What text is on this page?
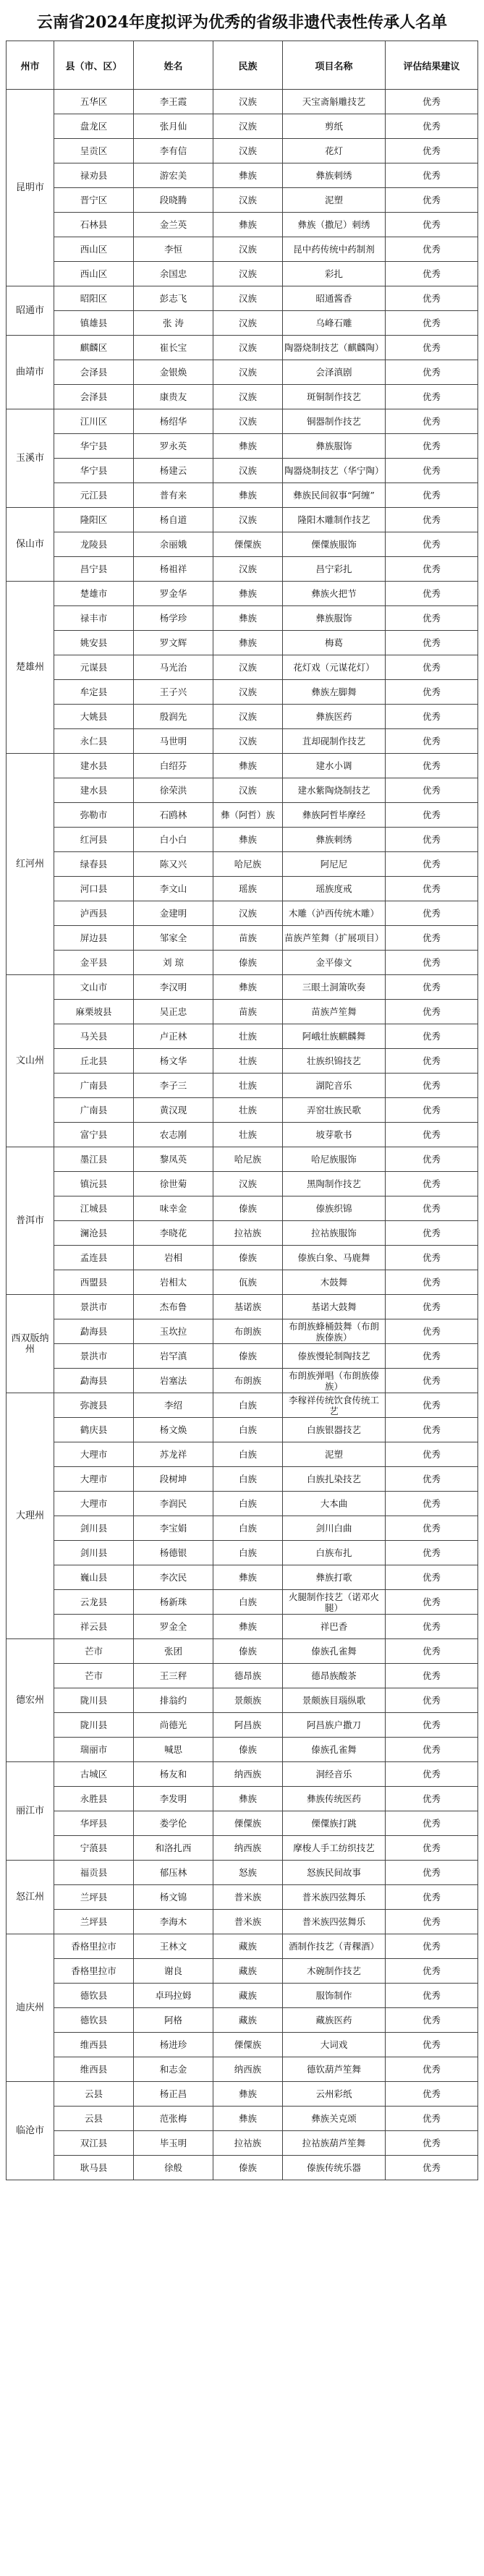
云南省2024年度拟评为优秀的省级非遗代表性传承人名单
州市	县（市、区）	姓名	民族	项目名称	评估结果建议
昆明市	五华区	李王霞	汉族	天宝斋斛雕技艺	优秀
	盘龙区	张月仙	汉族	剪纸	优秀
	呈贡区	李有信	汉族	花灯	优秀
	禄劝县	游宏美	彝族	彝族刺绣	优秀
	晋宁区	段晓腾	汉族	泥塑	优秀
	石林县	金兰英	彝族	彝族（撒尼）刺绣	优秀
	西山区	李恒	汉族	昆中药传统中药制剂	优秀
	西山区	余国忠	汉族	彩扎	优秀
昭通市	昭阳区	彭志飞	汉族	昭通酱香	优秀
	镇雄县	张 涛	汉族	乌峰石雕	优秀
曲靖市	麒麟区	崔长宝	汉族	陶器烧制技艺（麒麟陶）	优秀
	会泽县	金银焕	汉族	会泽滇剧	优秀
	会泽县	康贵友	汉族	斑铜制作技艺	优秀
玉溪市	江川区	杨绍华	汉族	铜器制作技艺	优秀
	华宁县	罗永英	彝族	彝族服饰	优秀
	华宁县	杨建云	汉族	陶器烧制技艺（华宁陶）	优秀
	元江县	普有来	彝族	彝族民间叙事“阿缠”	优秀
保山市	隆阳区	杨自道	汉族	隆阳木雕制作技艺	优秀
	龙陵县	余丽娥	傈僳族	傈僳族服饰	优秀
	昌宁县	杨祖祥	汉族	昌宁彩扎	优秀
楚雄州	楚雄市	罗金华	彝族	彝族火把节	优秀
	禄丰市	杨学珍	彝族	彝族服饰	优秀
	姚安县	罗文辉	彝族	梅葛	优秀
	元谋县	马光治	汉族	花灯戏（元谋花灯）	优秀
	牟定县	王子兴	汉族	彝族左脚舞	优秀
	大姚县	殷润先	汉族	彝族医药	优秀
	永仁县	马世明	汉族	苴却砚制作技艺	优秀
红河州	建水县	白绍芬	彝族	建水小调	优秀
	建水县	徐荣洪	汉族	建水紫陶烧制技艺	优秀
	弥勒市	石鸥林	彝（阿哲）族	彝族阿哲毕摩经	优秀
	红河县	白小白	彝族	彝族刺绣	优秀
	绿春县	陈又兴	哈尼族	阿尼尼	优秀
	河口县	李文山	瑶族	瑶族度戒	优秀
	泸西县	金建明	汉族	木雕（泸西传统木雕）	优秀
	屏边县	邹家全	苗族	苗族芦笙舞（扩展项目）	优秀
	金平县	刘 琼	傣族	金平傣文	优秀
文山州	文山市	李汉明	彝族	三眼土洞箫吹奏	优秀
	麻栗坡县	吴正忠	苗族	苗族芦笙舞	优秀
	马关县	卢正林	壮族	阿峨壮族麒麟舞	优秀
	丘北县	杨文华	壮族	壮族织锦技艺	优秀
	广南县	李子三	壮族	湖陀音乐	优秀
	广南县	黄汉现	壮族	弄窑壮族民歌	优秀
	富宁县	农志刚	壮族	坡芽歌书	优秀
普洱市	墨江县	黎凤英	哈尼族	哈尼族服饰	优秀
	镇沅县	徐世菊	汉族	黑陶制作技艺	优秀
	江城县	味幸金	傣族	傣族织锦	优秀
	澜沧县	李晓花	拉祜族	拉祜族服饰	优秀
	孟连县	岩相	傣族	傣族白象、马鹿舞	优秀
	西盟县	岩相太	佤族	木鼓舞	优秀
西双版纳州	景洪市	杰布鲁	基诺族	基诺大鼓舞	优秀
	勐海县	玉坎拉	布朗族	布朗族蜂桶鼓舞（布朗族傣族）	优秀
	景洪市	岩罕滇	傣族	傣族慢轮制陶技艺	优秀
	勐海县	岩塞法	布朗族	布朗族弹唱（布朗族傣族）	优秀
大理州	弥渡县	李绍	白族	李稼祥传统饮食传统工艺	优秀
	鹤庆县	杨文焕	白族	白族银器技艺	优秀
	大理市	苏龙祥	白族	泥塑	优秀
	大理市	段树坤	白族	白族扎染技艺	优秀
	大理市	李润民	白族	大本曲	优秀
	剑川县	李宝娟	白族	剑川白曲	优秀
	剑川县	杨德银	白族	白族布扎	优秀
	巍山县	李次民	彝族	彝族打歌	优秀
	云龙县	杨新珠	白族	火腿制作技艺（诺邓火腿）	优秀
	祥云县	罗金全	彝族	祥巴香	优秀
德宏州	芒市	张团	傣族	傣族孔雀舞	优秀
	芒市	王三秤	德昂族	德昂族酸茶	优秀
	陇川县	排翁约	景颇族	景颇族目瑙纵歌	优秀
	陇川县	尚德光	阿昌族	阿昌族户撒刀	优秀
	瑞丽市	喊思	傣族	傣族孔雀舞	优秀
丽江市	古城区	杨友和	纳西族	洞经音乐	优秀
	永胜县	李发明	彝族	彝族传统医药	优秀
	华坪县	娄学伦	傈僳族	傈僳族打跳	优秀
	宁蒗县	和洛扎西	纳西族	摩梭人手工纺织技艺	优秀
怒江州	福贡县	郁压林	怒族	怒族民间故事	优秀
	兰坪县	杨文锦	普米族	普米族四弦舞乐	优秀
	兰坪县	李海木	普米族	普米族四弦舞乐	优秀
迪庆州	香格里拉市	王林文	藏族	酒制作技艺（青稞酒）	优秀
	香格里拉市	谢良	藏族	木碗制作技艺	优秀
	德钦县	卓玛拉姆	藏族	服饰制作	优秀
	德钦县	阿格	藏族	藏族医药	优秀
	维西县	杨进珍	傈僳族	大词戏	优秀
	维西县	和志金	纳西族	德钦葫芦笙舞	优秀
临沧市	云县	杨正昌	彝族	云州彩纸	优秀
	云县	范张梅	彝族	彝族关克颂	优秀
	双江县	毕玉明	拉祜族	拉祜族葫芦笙舞	优秀
	耿马县	徐般	傣族	傣族传统乐器	优秀
